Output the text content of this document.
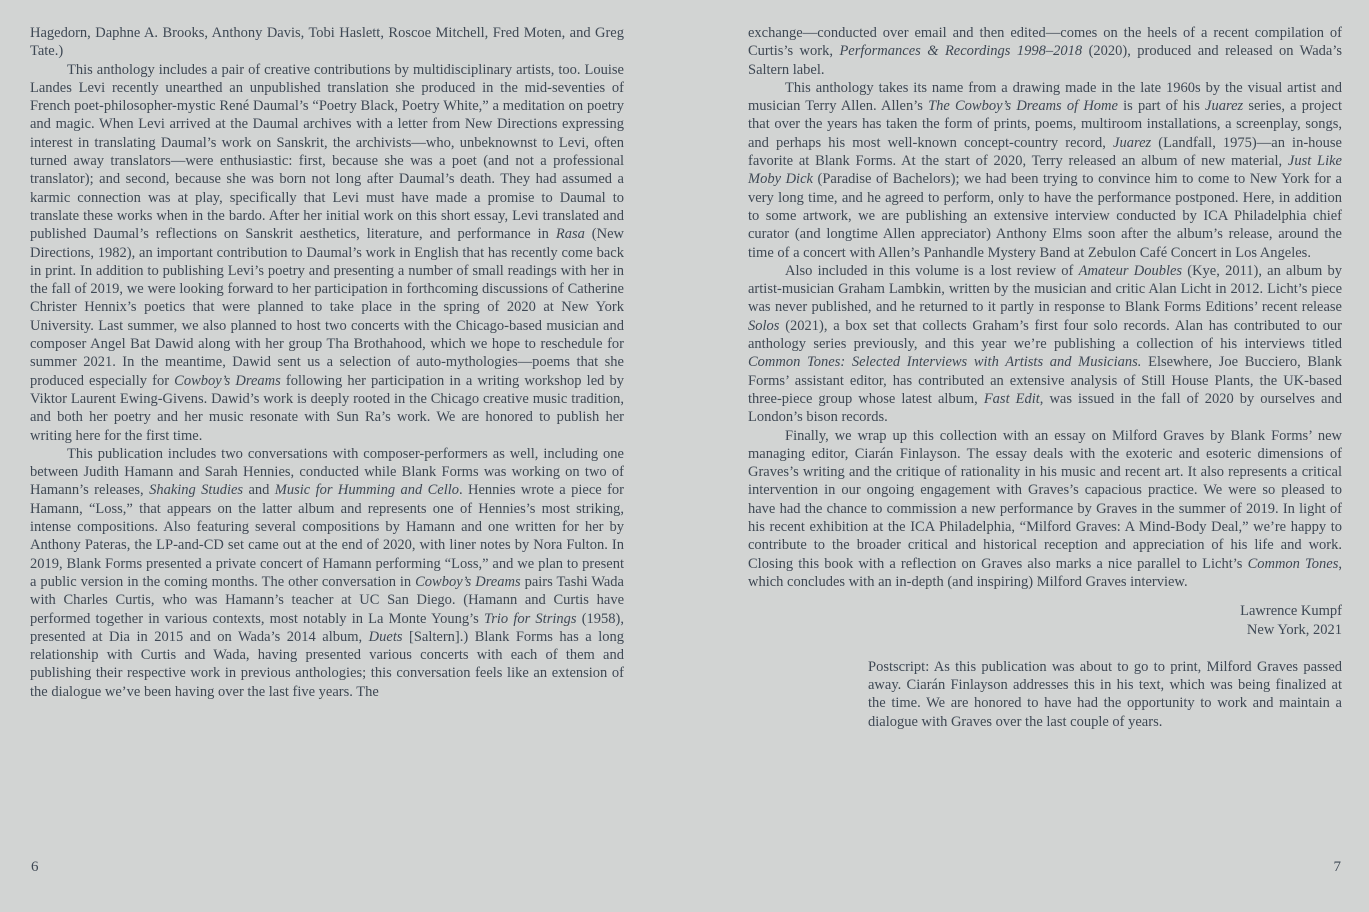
Hagedorn, Daphne A. Brooks, Anthony Davis, Tobi Haslett, Roscoe Mitchell, Fred Moten, and Greg Tate.)

This anthology includes a pair of creative contributions by multidisciplinary artists, too. Louise Landes Levi recently unearthed an unpublished translation she produced in the mid-seventies of French poet-philosopher-mystic René Daumal’s “Poetry Black, Poetry White,” a meditation on poetry and magic. When Levi arrived at the Daumal archives with a letter from New Directions expressing interest in translating Daumal’s work on Sanskrit, the archivists—who, unbeknownst to Levi, often turned away translators—were enthusiastic: first, because she was a poet (and not a professional translator); and second, because she was born not long after Daumal’s death. They had assumed a karmic connection was at play, specifically that Levi must have made a promise to Daumal to translate these works when in the bardo. After her initial work on this short essay, Levi translated and published Daumal’s reflections on Sanskrit aesthetics, literature, and performance in Rasa (New Directions, 1982), an important contribution to Daumal’s work in English that has recently come back in print. In addition to publishing Levi’s poetry and presenting a number of small readings with her in the fall of 2019, we were looking forward to her participation in forthcoming discussions of Catherine Christer Hennix’s poetics that were planned to take place in the spring of 2020 at New York University. Last summer, we also planned to host two concerts with the Chicago-based musician and composer Angel Bat Dawid along with her group Tha Brothahood, which we hope to reschedule for summer 2021. In the meantime, Dawid sent us a selection of auto-mythologies—poems that she produced especially for Cowboy’s Dreams following her participation in a writing workshop led by Viktor Laurent Ewing-Givens. Dawid’s work is deeply rooted in the Chicago creative music tradition, and both her poetry and her music resonate with Sun Ra’s work. We are honored to publish her writing here for the first time.

This publication includes two conversations with composer-performers as well, including one between Judith Hamann and Sarah Hennies, conducted while Blank Forms was working on two of Hamann’s releases, Shaking Studies and Music for Humming and Cello. Hennies wrote a piece for Hamann, “Loss,” that appears on the latter album and represents one of Hennies’s most striking, intense compositions. Also featuring several compositions by Hamann and one written for her by Anthony Pateras, the LP-and-CD set came out at the end of 2020, with liner notes by Nora Fulton. In 2019, Blank Forms presented a private concert of Hamann performing “Loss,” and we plan to present a public version in the coming months. The other conversation in Cowboy’s Dreams pairs Tashi Wada with Charles Curtis, who was Hamann’s teacher at UC San Diego. (Hamann and Curtis have performed together in various contexts, most notably in La Monte Young’s Trio for Strings (1958), presented at Dia in 2015 and on Wada’s 2014 album, Duets [Saltern].) Blank Forms has a long relationship with Curtis and Wada, having presented various concerts with each of them and publishing their respective work in previous anthologies; this conversation feels like an extension of the dialogue we’ve been having over the last five years. The

exchange—conducted over email and then edited—comes on the heels of a recent compilation of Curtis’s work, Performances & Recordings 1998–2018 (2020), produced and released on Wada’s Saltern label.

This anthology takes its name from a drawing made in the late 1960s by the visual artist and musician Terry Allen. Allen’s The Cowboy’s Dreams of Home is part of his Juarez series, a project that over the years has taken the form of prints, poems, multiroom installations, a screenplay, songs, and perhaps his most well-known concept-country record, Juarez (Landfall, 1975)—an in-house favorite at Blank Forms. At the start of 2020, Terry released an album of new material, Just Like Moby Dick (Paradise of Bachelors); we had been trying to convince him to come to New York for a very long time, and he agreed to perform, only to have the performance postponed. Here, in addition to some artwork, we are publishing an extensive interview conducted by ICA Philadelphia chief curator (and longtime Allen appreciator) Anthony Elms soon after the album’s release, around the time of a concert with Allen’s Panhandle Mystery Band at Zebulon Café Concert in Los Angeles.

Also included in this volume is a lost review of Amateur Doubles (Kye, 2011), an album by artist-musician Graham Lambkin, written by the musician and critic Alan Licht in 2012. Licht’s piece was never published, and he returned to it partly in response to Blank Forms Editions’ recent release Solos (2021), a box set that collects Graham’s first four solo records. Alan has contributed to our anthology series previously, and this year we’re publishing a collection of his interviews titled Common Tones: Selected Interviews with Artists and Musicians. Elsewhere, Joe Bucciero, Blank Forms’ assistant editor, has contributed an extensive analysis of Still House Plants, the UK-based three-piece group whose latest album, Fast Edit, was issued in the fall of 2020 by ourselves and London’s bison records.

Finally, we wrap up this collection with an essay on Milford Graves by Blank Forms’ new managing editor, Ciarán Finlayson. The essay deals with the exoteric and esoteric dimensions of Graves’s writing and the critique of rationality in his music and recent art. It also represents a critical intervention in our ongoing engagement with Graves’s capacious practice. We were so pleased to have had the chance to commission a new performance by Graves in the summer of 2019. In light of his recent exhibition at the ICA Philadelphia, “Milford Graves: A Mind-Body Deal,” we’re happy to contribute to the broader critical and historical reception and appreciation of his life and work. Closing this book with a reflection on Graves also marks a nice parallel to Licht’s Common Tones, which concludes with an in-depth (and inspiring) Milford Graves interview.

Lawrence Kumpf
New York, 2021

Postscript: As this publication was about to go to print, Milford Graves passed away. Ciarán Finlayson addresses this in his text, which was being finalized at the time. We are honored to have had the opportunity to work and maintain a dialogue with Graves over the last couple of years.

6	7
